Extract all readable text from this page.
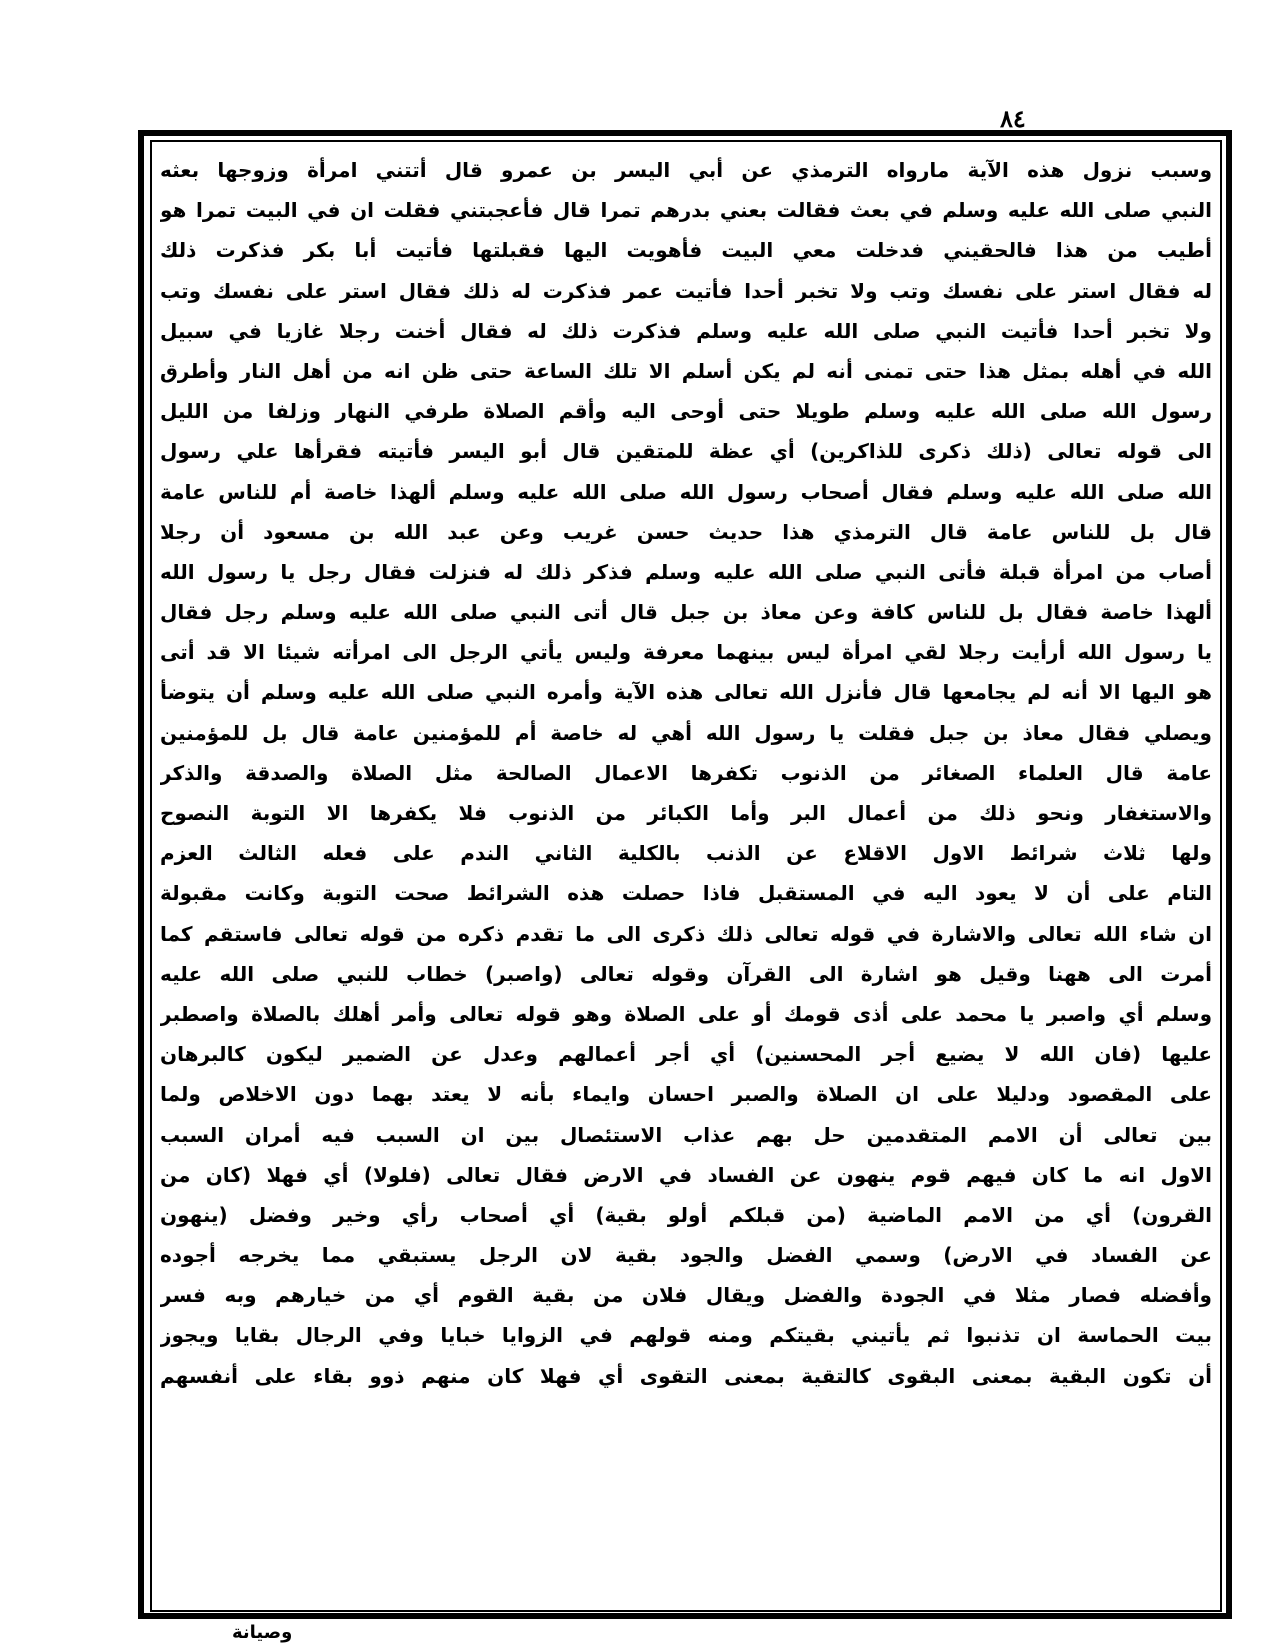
٨٤
وسبب نزول هذه الآية مارواه الترمذي عن أبي اليسر بن عمرو قال أتتني امرأة وزوجها بعثه
النبي صلى الله عليه وسلم في بعث فقالت بعني بدرهم تمرا قال فأعجبتني فقلت ان في البيت تمرا هو
أطيب من هذا فالحقيني فدخلت معي البيت فأهويت اليها فقبلتها فأتيت أبا بكر فذكرت ذلك
له فقال استر على نفسك وتب ولا تخبر أحدا فأتيت عمر فذكرت له ذلك فقال استر على نفسك وتب
ولا تخبر أحدا فأتيت النبي صلى الله عليه وسلم فذكرت ذلك له فقال أخنت رجلا غازيا في سبيل
الله في أهله بمثل هذا حتى تمنى أنه لم يكن أسلم الا تلك الساعة حتى ظن انه من أهل النار وأطرق
رسول الله صلى الله عليه وسلم طويلا حتى أوحى اليه وأقم الصلاة طرفي النهار وزلفا من الليل
الى قوله تعالى (ذلك ذكرى للذاكرين) أي عظة للمتقين قال أبو اليسر فأتيته فقرأها علي رسول
الله صلى الله عليه وسلم فقال أصحاب رسول الله صلى الله عليه وسلم ألهذا خاصة أم للناس عامة
قال بل للناس عامة قال الترمذي هذا حديث حسن غريب وعن عبد الله بن مسعود أن رجلا
أصاب من امرأة قبلة فأتى النبي صلى الله عليه وسلم فذكر ذلك له فنزلت فقال رجل يا رسول الله
ألهذا خاصة فقال بل للناس كافة وعن معاذ بن جبل قال أتى النبي صلى الله عليه وسلم رجل فقال
يا رسول الله أرأيت رجلا لقي امرأة ليس بينهما معرفة وليس يأتي الرجل الى امرأته شيئا الا قد أتى
هو اليها الا أنه لم يجامعها قال فأنزل الله تعالى هذه الآية وأمره النبي صلى الله عليه وسلم أن يتوضأ
ويصلي فقال معاذ بن جبل فقلت يا رسول الله أهي له خاصة أم للمؤمنين عامة قال بل للمؤمنين
عامة قال العلماء الصغائر من الذنوب تكفرها الاعمال الصالحة مثل الصلاة والصدقة والذكر
والاستغفار ونحو ذلك من أعمال البر وأما الكبائر من الذنوب فلا يكفرها الا التوبة النصوح
ولها ثلاث شرائط الاول الاقلاع عن الذنب بالكلية الثاني الندم على فعله الثالث العزم
التام على أن لا يعود اليه في المستقبل فاذا حصلت هذه الشرائط صحت التوبة وكانت مقبولة
ان شاء الله تعالى والاشارة في قوله تعالى ذلك ذكرى الى ما تقدم ذكره من قوله تعالى فاستقم كما
أمرت الى ههنا وقيل هو اشارة الى القرآن وقوله تعالى (واصبر) خطاب للنبي صلى الله عليه
وسلم أي واصبر يا محمد على أذى قومك أو على الصلاة وهو قوله تعالى وأمر أهلك بالصلاة واصطبر
عليها (فان الله لا يضيع أجر المحسنين) أي أجر أعمالهم وعدل عن الضمير ليكون كالبرهان
على المقصود ودليلا على ان الصلاة والصبر احسان وايماء بأنه لا يعتد بهما دون الاخلاص ولما
بين تعالى أن الامم المتقدمين حل بهم عذاب الاستئصال بين ان السبب فيه أمران السبب
الاول انه ما كان فيهم قوم ينهون عن الفساد في الارض فقال تعالى (فلولا) أي فهلا (كان من
القرون) أي من الامم الماضية (من قبلكم أولو بقية) أي أصحاب رأي وخير وفضل (ينهون
عن الفساد في الارض) وسمي الفضل والجود بقية لان الرجل يستبقي مما يخرجه أجوده
وأفضله فصار مثلا في الجودة والفضل ويقال فلان من بقية القوم أي من خيارهم وبه فسر
بيت الحماسة ان تذنبوا ثم يأتيني بقيتكم ومنه قولهم في الزوايا خبايا وفي الرجال بقايا ويجوز
أن تكون البقية بمعنى البقوى كالتقية بمعنى التقوى أي فهلا كان منهم ذوو بقاء على أنفسهم
وصيانة
